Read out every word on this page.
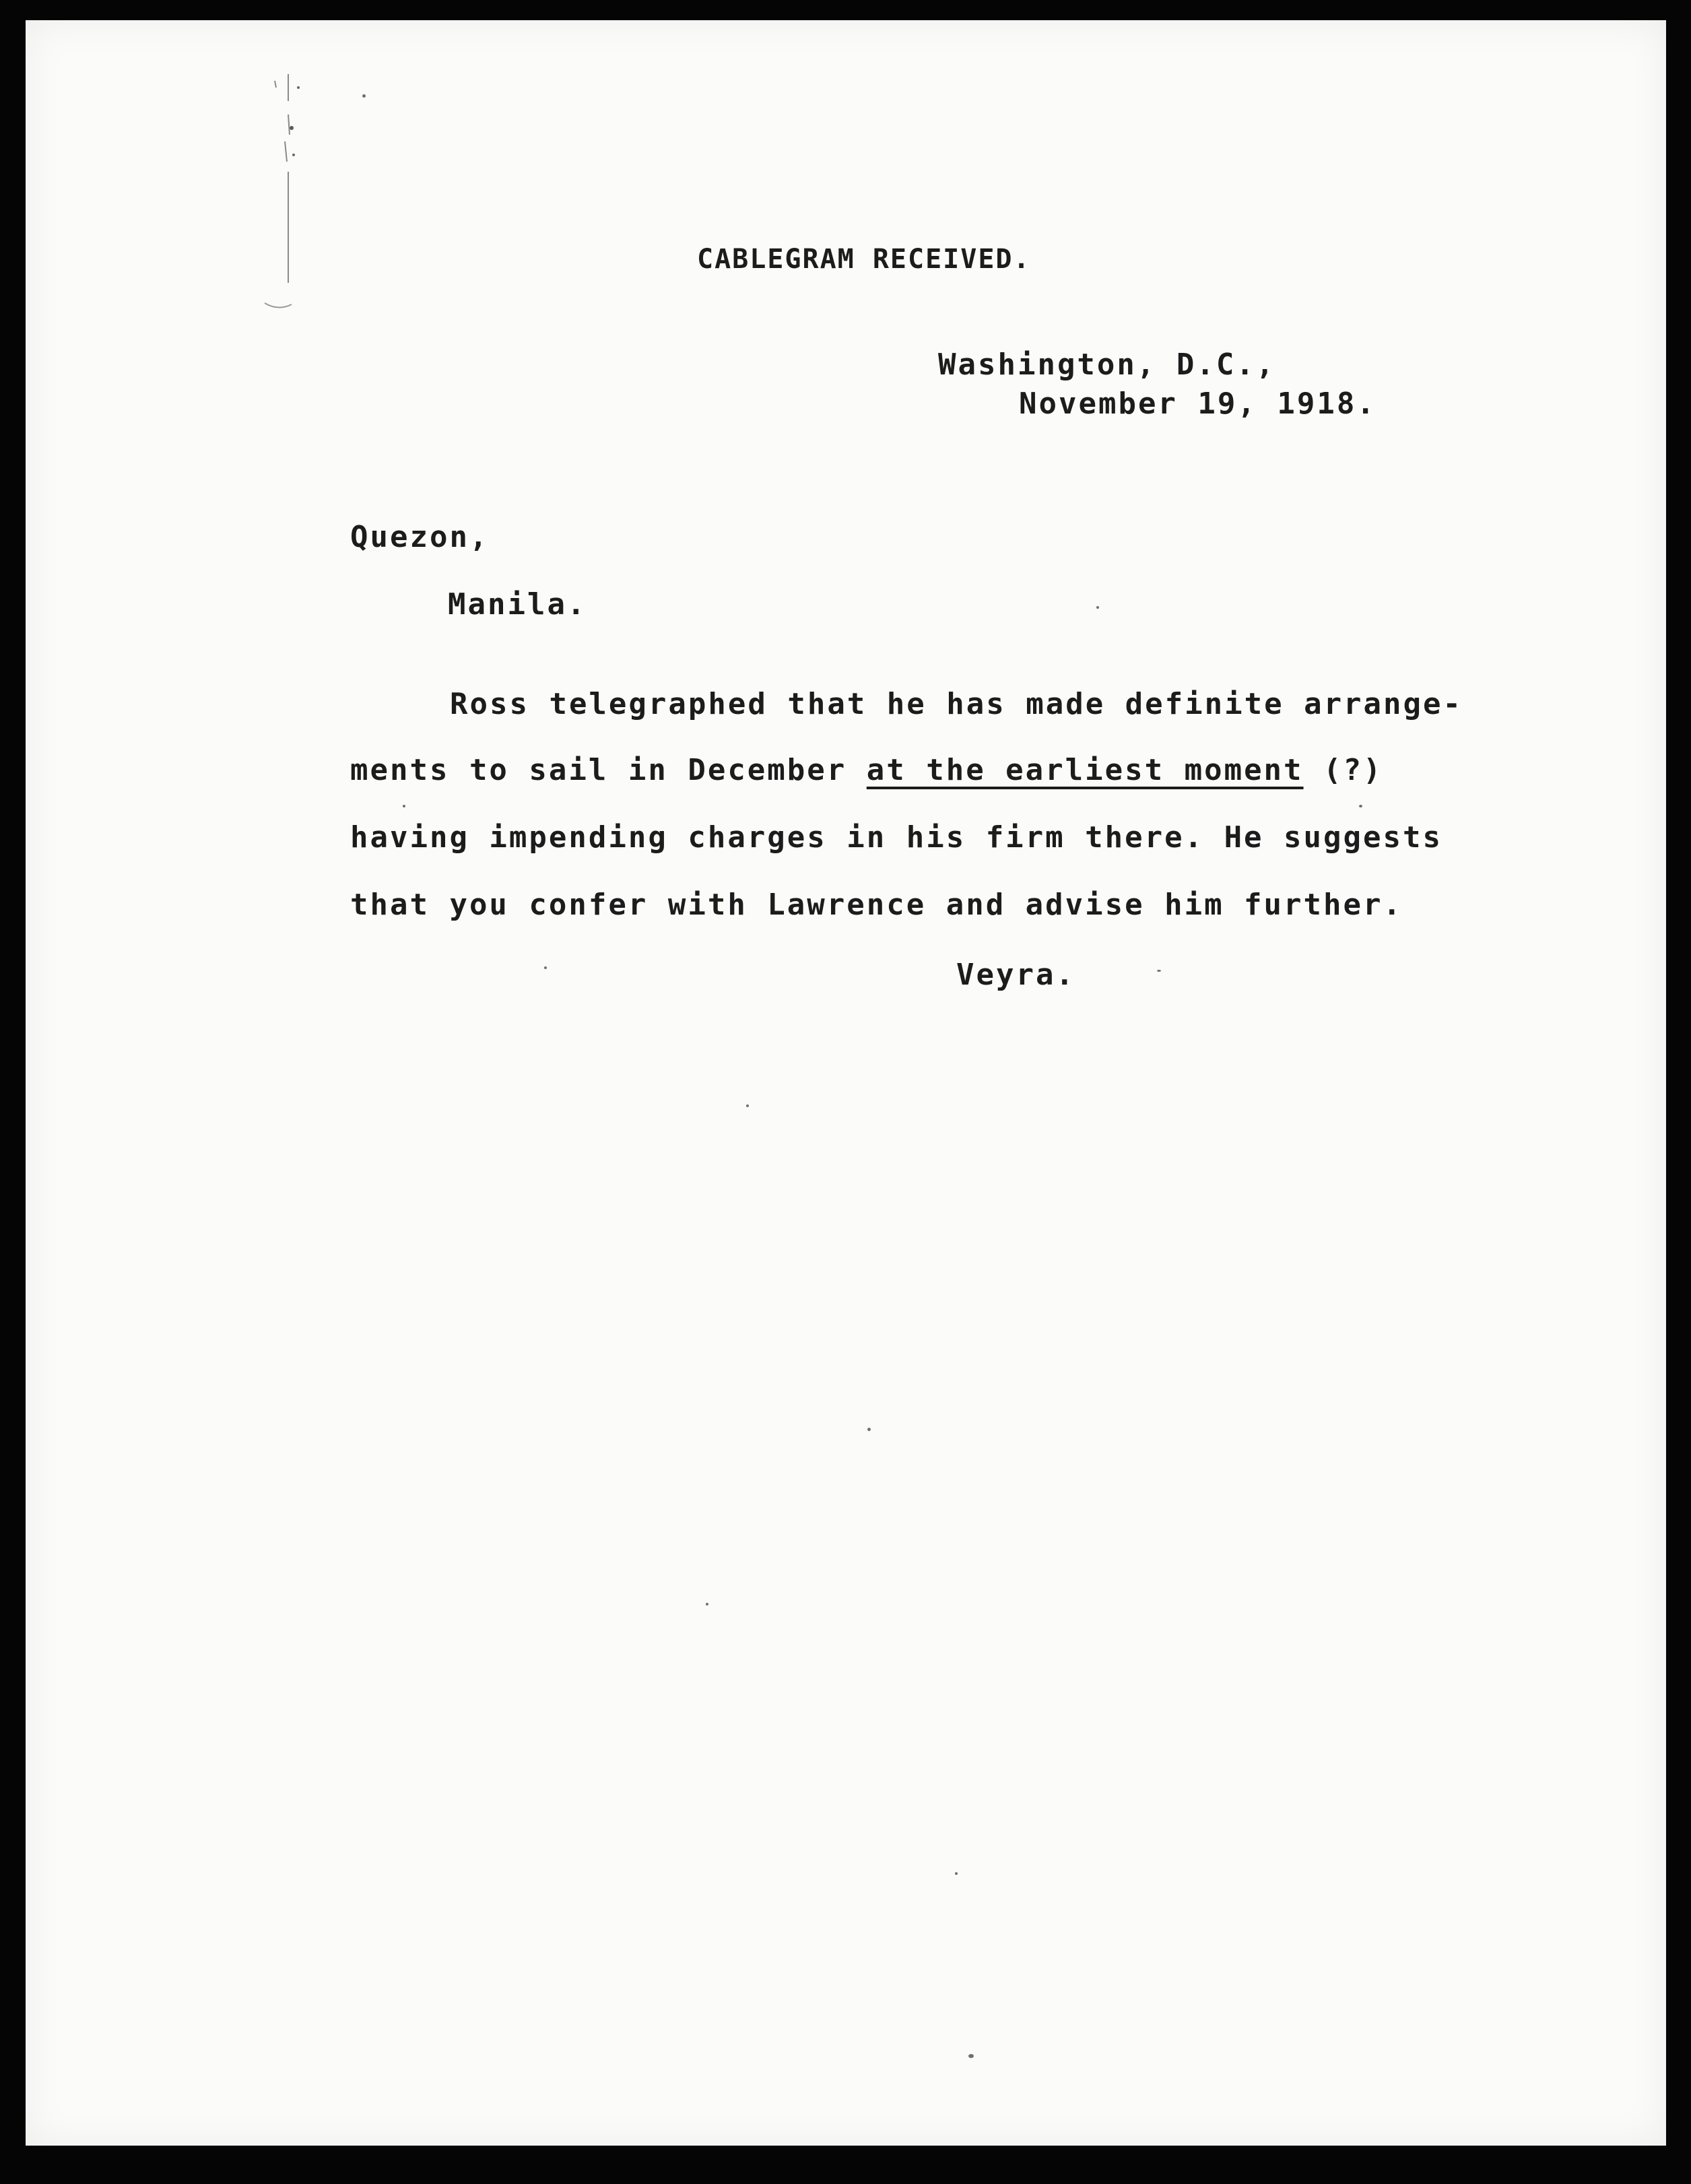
CABLEGRAM RECEIVED.
Washington, D.C.,
November 19, 1918.
Quezon,
Manila.
Ross telegraphed that he has made definite arrange-
ments to sail in December at the earliest moment (?)
having impending charges in his firm there. He suggests
that you confer with Lawrence and advise him further.
Veyra.
